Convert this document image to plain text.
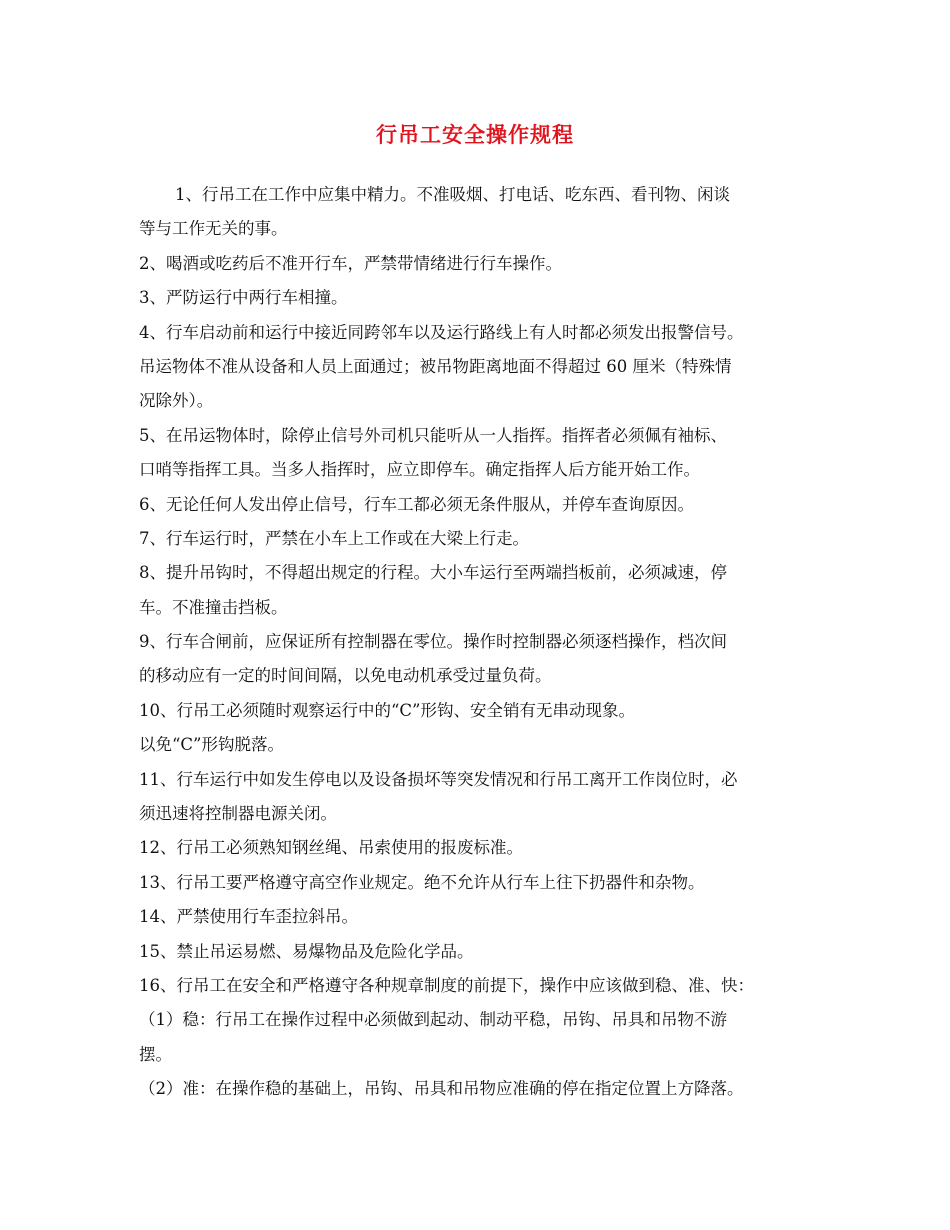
行吊工安全操作规程
1、行吊工在工作中应集中精力。不准吸烟、打电话、吃东西、看刊物、闲谈
等与工作无关的事。
2、喝酒或吃药后不准开行车，严禁带情绪进行行车操作。
3、严防运行中两行车相撞。
4、行车启动前和运行中接近同跨邻车以及运行路线上有人时都必须发出报警信号。
吊运物体不准从设备和人员上面通过；被吊物距离地面不得超过 60 厘米（特殊情
况除外）。
5、在吊运物体时，除停止信号外司机只能听从一人指挥。指挥者必须佩有袖标、
口哨等指挥工具。当多人指挥时，应立即停车。确定指挥人后方能开始工作。
6、无论任何人发出停止信号，行车工都必须无条件服从，并停车查询原因。
7、行车运行时，严禁在小车上工作或在大梁上行走。
8、提升吊钩时，不得超出规定的行程。大小车运行至两端挡板前，必须减速，停
车。不准撞击挡板。
9、行车合闸前，应保证所有控制器在零位。操作时控制器必须逐档操作，档次间
的移动应有一定的时间间隔，以免电动机承受过量负荷。
10、行吊工必须随时观察运行中的“C”形钩、安全销有无串动现象。
以免“C”形钩脱落。
11、行车运行中如发生停电以及设备损坏等突发情况和行吊工离开工作岗位时，必
须迅速将控制器电源关闭。
12、行吊工必须熟知钢丝绳、吊索使用的报废标准。
13、行吊工要严格遵守高空作业规定。绝不允许从行车上往下扔器件和杂物。
14、严禁使用行车歪拉斜吊。
15、禁止吊运易燃、易爆物品及危险化学品。
16、行吊工在安全和严格遵守各种规章制度的前提下，操作中应该做到稳、准、快：
（1）稳：行吊工在操作过程中必须做到起动、制动平稳，吊钩、吊具和吊物不游
摆。
（2）准：在操作稳的基础上，吊钩、吊具和吊物应准确的停在指定位置上方降落。
